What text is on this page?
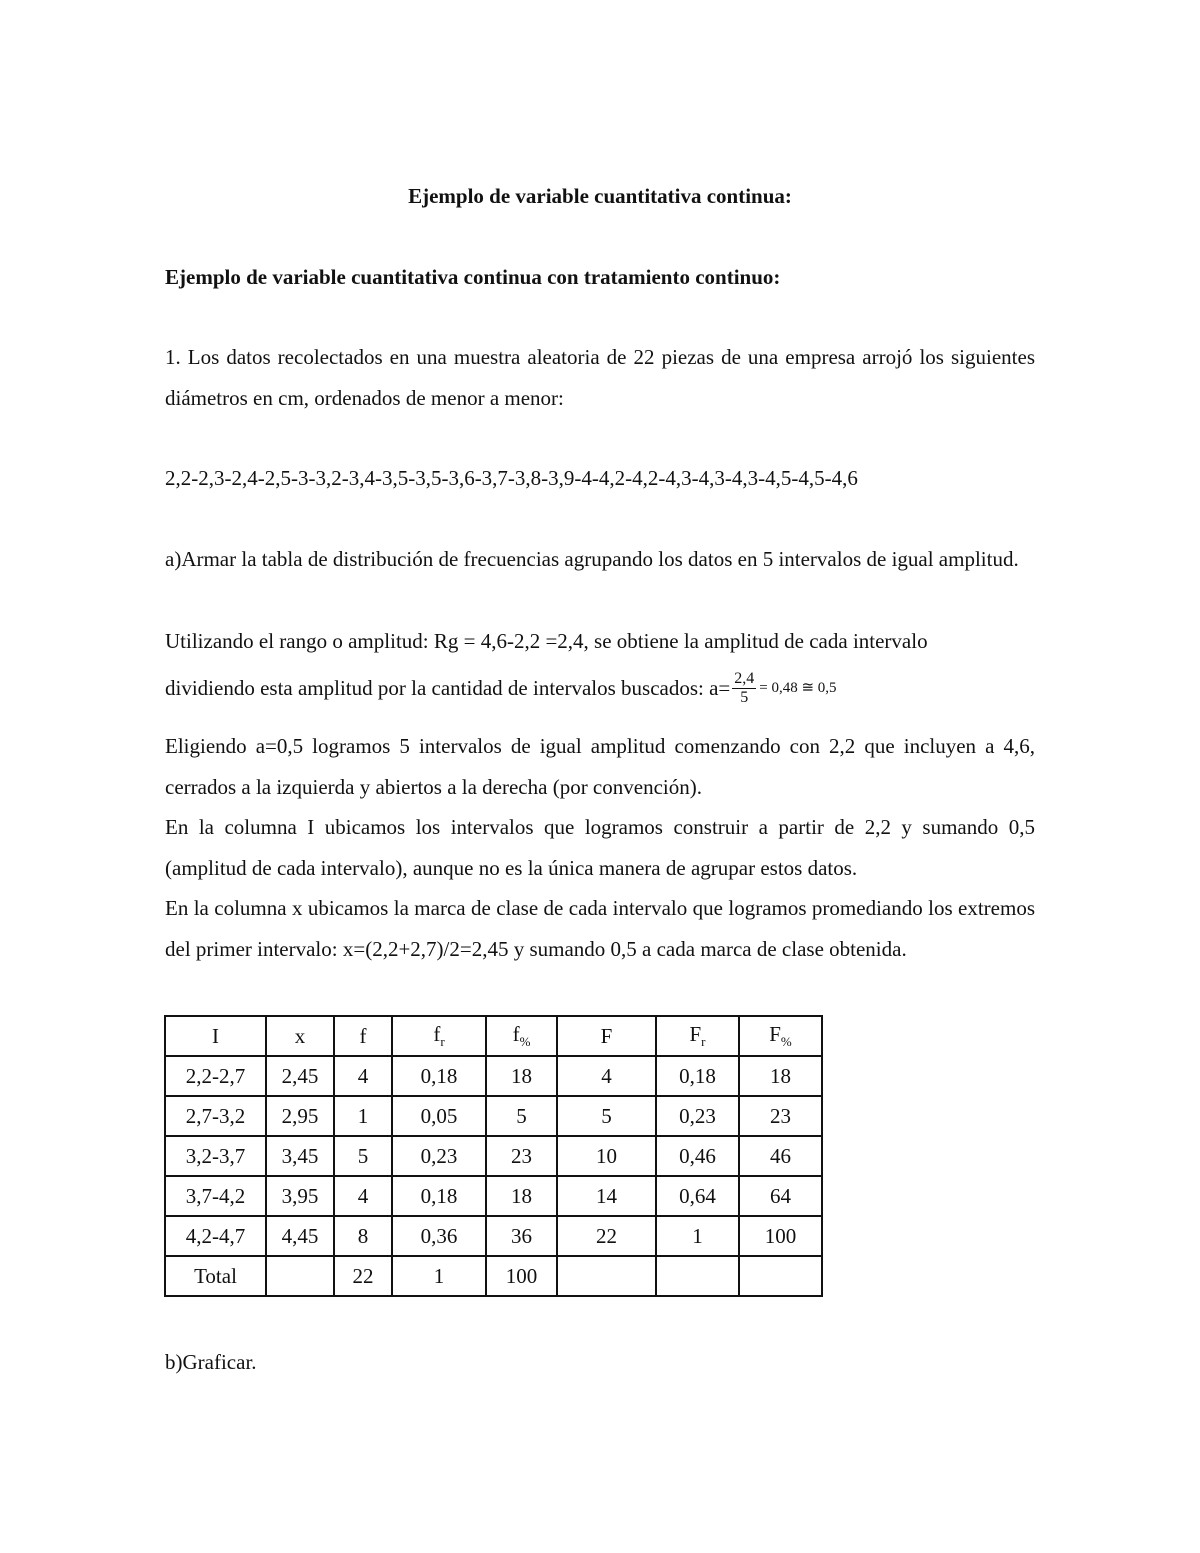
Ejemplo de variable cuantitativa continua:
Ejemplo de variable cuantitativa continua con tratamiento continuo:
1. Los datos recolectados en una muestra aleatoria de 22 piezas de una empresa arrojó los siguientes diámetros en cm, ordenados de menor a menor:
2,2-2,3-2,4-2,5-3-3,2-3,4-3,5-3,5-3,6-3,7-3,8-3,9-4-4,2-4,2-4,3-4,3-4,3-4,5-4,5-4,6
a)Armar la tabla de distribución de frecuencias agrupando los datos en 5 intervalos de igual amplitud.
Utilizando el rango o amplitud: Rg = 4,6-2,2 =2,4, se obtiene la amplitud de cada intervalo
dividiendo esta amplitud por la cantidad de intervalos buscados: $a= \frac{2,4}{5} = 0,48$ ≅ 0,5
Eligiendo a=0,5 logramos 5 intervalos de igual amplitud comenzando con 2,2 que incluyen a 4,6, cerrados a la izquierda y abiertos a la derecha (por convención).
En la columna I ubicamos los intervalos que logramos construir a partir de 2,2 y sumando 0,5 (amplitud de cada intervalo), aunque no es la única manera de agrupar estos datos.
En la columna x ubicamos la marca de clase de cada intervalo que logramos promediando los extremos del primer intervalo: x=(2,2+2,7)/2=2,45 y sumando 0,5 a cada marca de clase obtenida.
I	x	f	$f_r$	$f_{\%}$	F	$F_r$	$F_{\%}$
2,2-2,7	2,45	4	0,18	18	4	0,18	18
2,7-3,2	2,95	1	0,05	5	5	0,23	23
3,2-3,7	3,45	5	0,23	23	10	0,46	46
3,7-4,2	3,95	4	0,18	18	14	0,64	64
4,2-4,7	4,45	8	0,36	36	22	1	100
Total		22	1	100			
b)Graficar.
